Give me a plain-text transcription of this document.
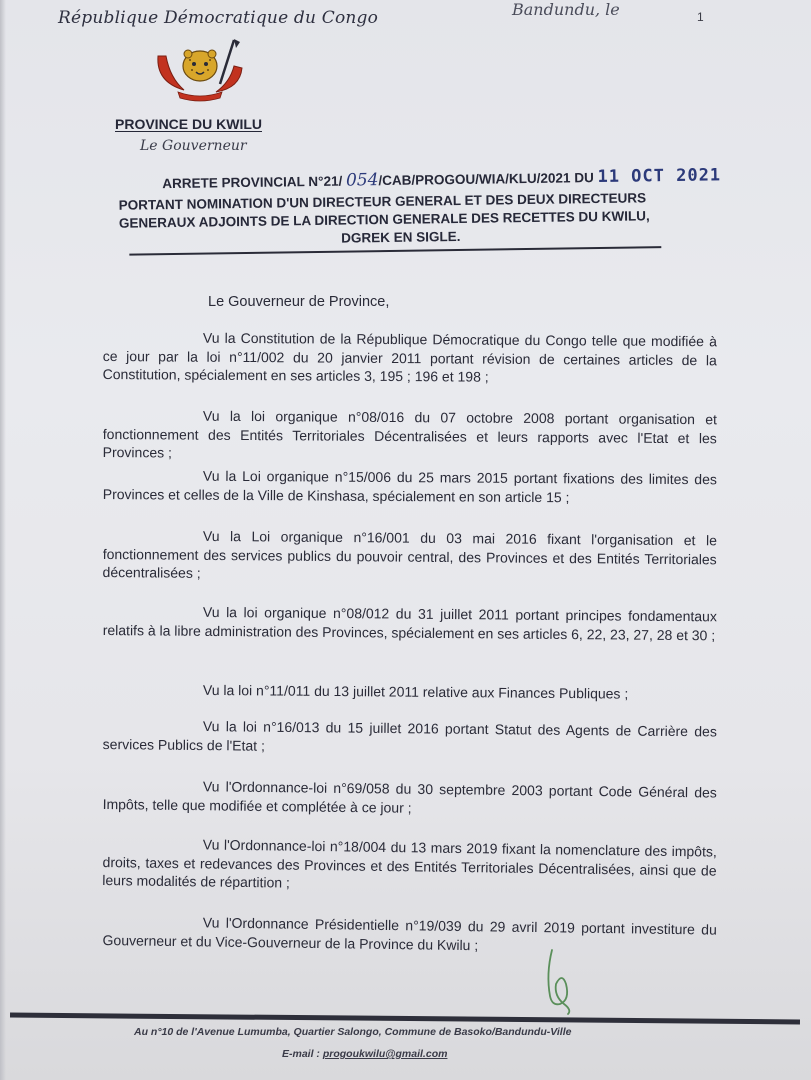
République Démocratique du Congo	Bandundu, le	1
PROVINCE DU KWILU
Le Gouverneur
ARRETE PROVINCIAL N°21/ 054/CAB/PROGOU/WIA/KLU/2021 DU 11 OCT 2021
PORTANT NOMINATION D'UN DIRECTEUR GENERAL ET DES DEUX DIRECTEURS
GENERAUX ADJOINTS DE LA DIRECTION GENERALE DES RECETTES DU KWILU,
DGREK EN SIGLE.
Le Gouverneur de Province,
Vu la Constitution de la République Démocratique du Congo telle que modifiée à ce jour par la loi n°11/002 du 20 janvier 2011 portant révision de certaines articles de la Constitution, spécialement en ses articles 3, 195 ; 196 et 198 ;
Vu la loi organique n°08/016 du 07 octobre 2008 portant organisation et fonctionnement des Entités Territoriales Décentralisées et leurs rapports avec l'Etat et les Provinces ;
Vu la Loi organique n°15/006 du 25 mars 2015 portant fixations des limites des Provinces et celles de la Ville de Kinshasa, spécialement en son article 15 ;
Vu la Loi organique n°16/001 du 03 mai 2016 fixant l'organisation et le fonctionnement des services publics du pouvoir central, des Provinces et des Entités Territoriales décentralisées ;
Vu la loi organique n°08/012 du 31 juillet 2011 portant principes fondamentaux relatifs à la libre administration des Provinces, spécialement en ses articles 6, 22, 23, 27, 28 et 30 ;
Vu la loi n°11/011 du 13 juillet 2011 relative aux Finances Publiques ;
Vu la loi n°16/013 du 15 juillet 2016 portant Statut des Agents de Carrière des services Publics de l'Etat ;
Vu l'Ordonnance-loi n°69/058 du 30 septembre 2003 portant Code Général des Impôts, telle que modifiée et complétée à ce jour ;
Vu l'Ordonnance-loi n°18/004 du 13 mars 2019 fixant la nomenclature des impôts, droits, taxes et redevances des Provinces et des Entités Territoriales Décentralisées, ainsi que de leurs modalités de répartition ;
Vu l'Ordonnance Présidentielle n°19/039 du 29 avril 2019 portant investiture du Gouverneur et du Vice-Gouverneur de la Province du Kwilu ;
Au n°10 de l'Avenue Lumumba, Quartier Salongo, Commune de Basoko/Bandundu-Ville
E-mail : progoukwilu@gmail.com
